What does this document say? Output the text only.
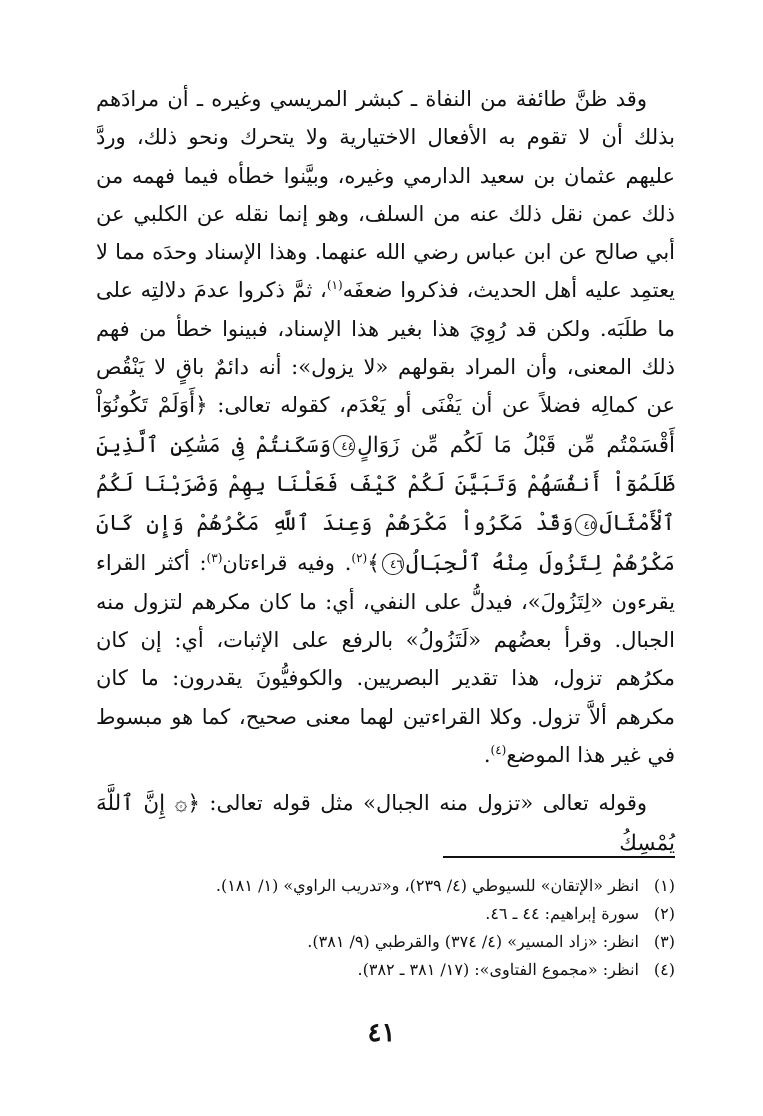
وقد ظنَّ طائفة من النفاة ـ كبشر المريسي وغيره ـ أن مرادَهم بذلك أن لا تقوم به الأفعال الاختيارية ولا يتحرك ونحو ذلك، وردَّ عليهم عثمان بن سعيد الدارمي وغيره، وبيَّنوا خطأه فيما فهمه من ذلك عمن نقل ذلك عنه من السلف، وهو إنما نقله عن الكلبي عن أبي صالح عن ابن عباس رضي الله عنهما. وهذا الإسناد وحدَه مما لا يعتمِد عليه أهل الحديث، فذكروا ضعفَه$^{(١)}$، ثمَّ ذكروا عدمَ دلالتِه على ما طلَبَه. ولكن قد رُوِيَ هذا بغير هذا الإسناد، فبينوا خطأ من فهم ذلك المعنى، وأن المراد بقولهم «لا يزول»: أنه دائمٌ باقٍ لا يَنْقُص عن كمالِه فضلاً عن أن يَفْنَى أو يَعْدَم، كقوله تعالى: ﴿أَوَلَمْ تَكُونُوٓاْ أَقْسَمْتُم مِّن قَبْلُ مَا لَكُم مِّن زَوَالٍ٤٤وَسَكَنتُمْ فِى مَسَٰكِنِ ٱلَّذِينَ ظَلَمُوٓاْ أَنفُسَهُمْ وَتَبَيَّنَ لَكُمْ كَيْفَ فَعَلْنَا بِهِمْ وَضَرَبْنَا لَكُمُ ٱلْأَمْثَالَ٤٥وَقَدْ مَكَرُواْ مَكْرَهُمْ وَعِندَ ٱللَّهِ مَكْرُهُمْ وَإِن كَانَ مَكْرُهُمْ لِتَزُولَ مِنْهُ ٱلْجِبَالُ٤٦﴾$^{(٢)}$. وفيه قراءتان$^{(٣)}$: أكثر القراء يقرءون «لِتَزُولَ»، فيدلُّ على النفي، أي: ما كان مكرهم لتزول منه الجبال. وقرأ بعضُهم «لَتَزُولُ» بالرفع على الإثبات، أي: إن كان مكرُهم تزول، هذا تقدير البصريين. والكوفيُّونَ يقدرون: ما كان مكرهم ألاَّ تزول. وكلا القراءتين لهما معنى صحيح، كما هو مبسوط في غير هذا الموضع$^{(٤)}$.

وقوله تعالى «تزول منه الجبال» مثل قوله تعالى: ﴿۞ إِنَّ ٱللَّهَ يُمْسِكُ

(١)
انظر «الإتقان» للسيوطي (٤/ ٢٣٩)، و«تدريب الراوي» (١/ ١٨١).
(٢)
سورة إبراهيم: ٤٤ ـ ٤٦.
(٣)
انظر: «زاد المسير» (٤/ ٣٧٤) والقرطبي (٩/ ٣٨١).
(٤)
انظر: «مجموع الفتاوى»: (١٧/ ٣٨١ ـ ٣٨٢).
٤١
